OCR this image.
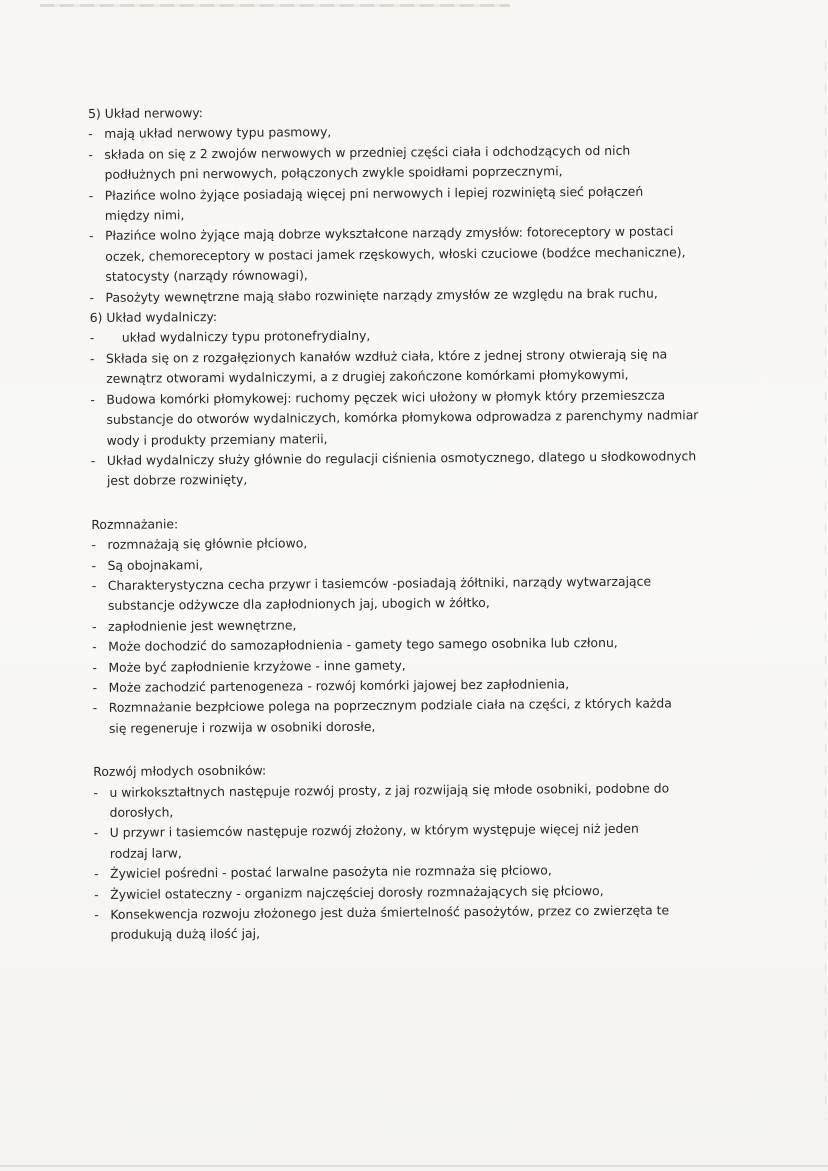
5) Układ nerwowy:
- mają układ nerwowy typu pasmowy,
- składa on się z 2 zwojów nerwowych w przedniej części ciała i odchodzących od nich
podłużnych pni nerwowych, połączonych zwykle spoidłami poprzecznymi,
- Płazińce wolno żyjące posiadają więcej pni nerwowych i lepiej rozwiniętą sieć połączeń
między nimi,
- Płazińce wolno żyjące mają dobrze wykształcone narządy zmysłów: fotoreceptory w postaci
oczek, chemoreceptory w postaci jamek rzęskowych, włoski czuciowe (bodźce mechaniczne),
statocysty (narządy równowagi),
- Pasożyty wewnętrzne mają słabo rozwinięte narządy zmysłów ze względu na brak ruchu,
6) Układ wydalniczy:
-	układ wydalniczy typu protonefrydialny,
- Składa się on z rozgałęzionych kanałów wzdłuż ciała, które z jednej strony otwierają się na
zewnątrz otworami wydalniczymi, a z drugiej zakończone komórkami płomykowymi,
- Budowa komórki płomykowej: ruchomy pęczek wici ułożony w płomyk który przemieszcza
substancje do otworów wydalniczych, komórka płomykowa odprowadza z parenchymy nadmiar
wody i produkty przemiany materii,
- Układ wydalniczy służy głównie do regulacji ciśnienia osmotycznego, dlatego u słodkowodnych
jest dobrze rozwinięty,
Rozmnażanie:
- rozmnażają się głównie płciowo,
- Są obojnakami,
- Charakterystyczna cecha przywr i tasiemców -posiadają żółtniki, narządy wytwarzające
substancje odżywcze dla zapłodnionych jaj, ubogich w żółtko,
- zapłodnienie jest wewnętrzne,
- Może dochodzić do samozapłodnienia - gamety tego samego osobnika lub członu,
- Może być zapłodnienie krzyżowe - inne gamety,
- Może zachodzić partenogeneza - rozwój komórki jajowej bez zapłodnienia,
- Rozmnażanie bezpłciowe polega na poprzecznym podziale ciała na części, z których każda
się regeneruje i rozwija w osobniki dorosłe,
Rozwój młodych osobników:
- u wirkokształtnych następuje rozwój prosty, z jaj rozwijają się młode osobniki, podobne do
dorosłych,
- U przywr i tasiemców następuje rozwój złożony, w którym występuje więcej niż jeden
rodzaj larw,
- Żywiciel pośredni - postać larwalne pasożyta nie rozmnaża się płciowo,
- Żywiciel ostateczny - organizm najczęściej dorosły rozmnażających się płciowo,
- Konsekwencja rozwoju złożonego jest duża śmiertelność pasożytów, przez co zwierzęta te
produkują dużą ilość jaj,
